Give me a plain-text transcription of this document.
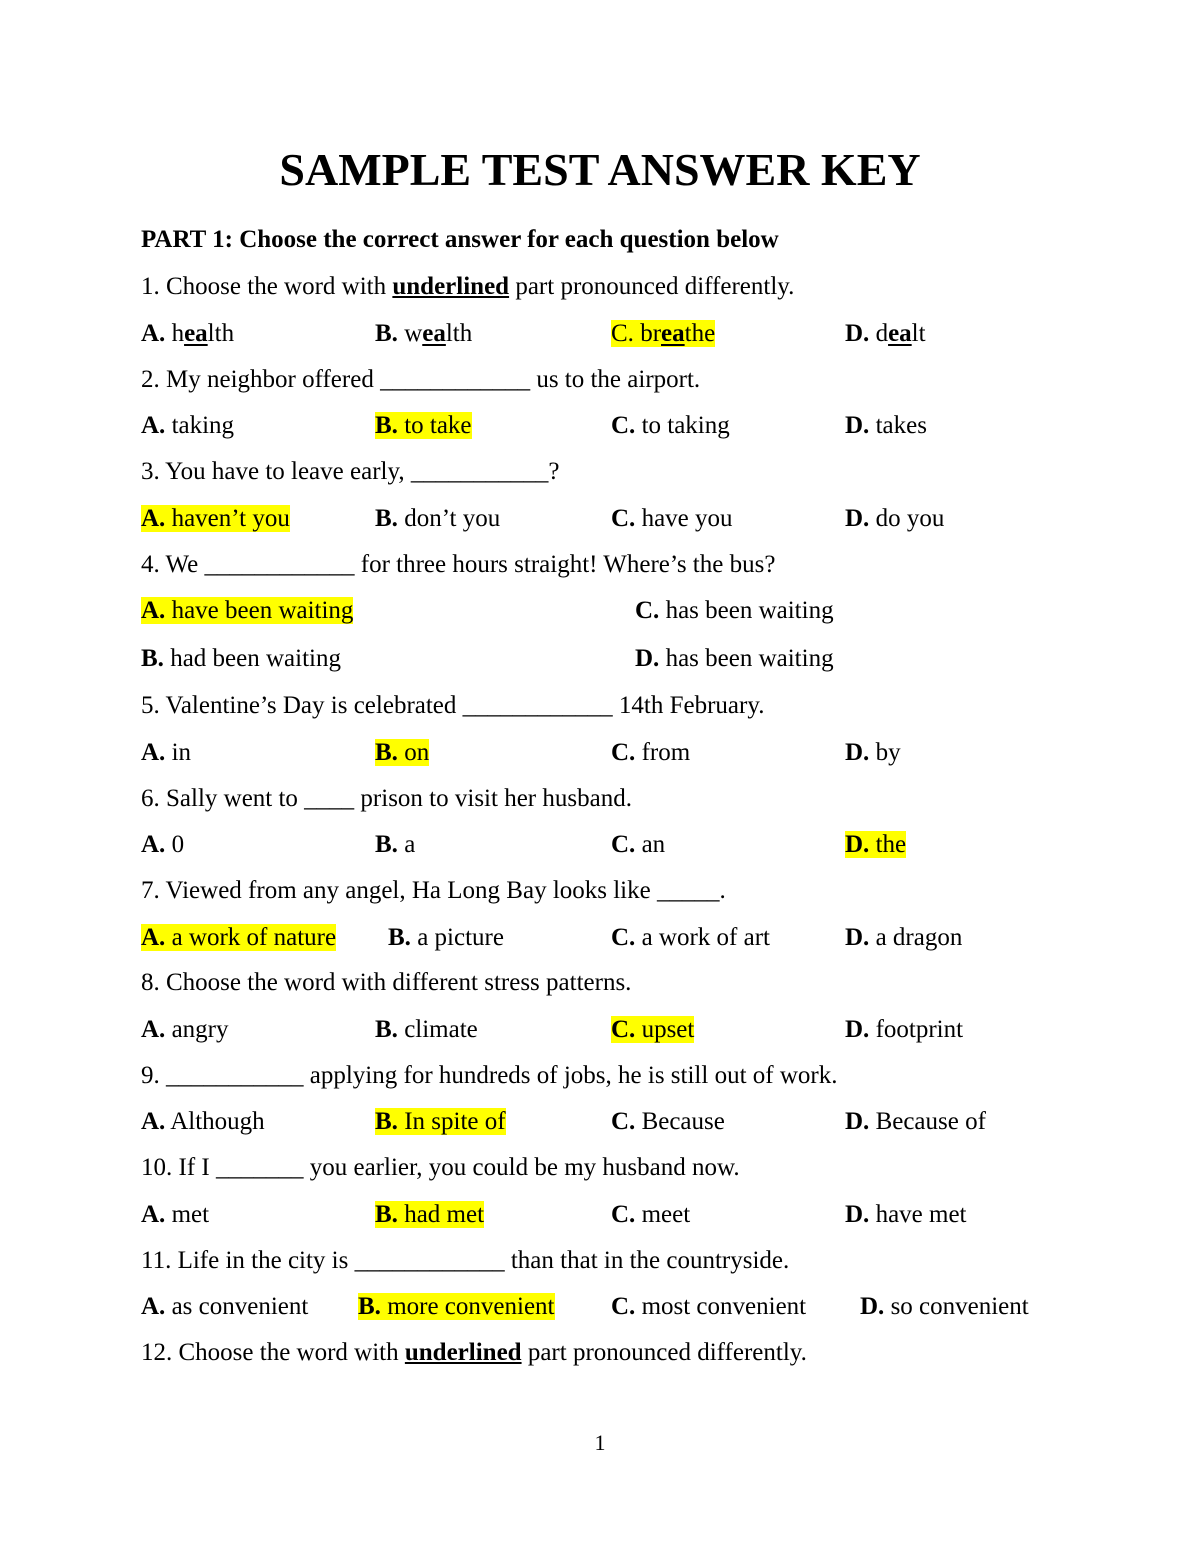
SAMPLE TEST ANSWER KEY
PART 1: Choose the correct answer for each question below
1. Choose the word with underlined part pronounced differently.
A. health	B. wealth	C. breathe	D. dealt
2. My neighbor offered ____________ us to the airport.
A. taking	B. to take	C. to taking	D. takes
3. You have to leave early, ___________?
A. haven’t you	B. don’t you	C. have you	D. do you
4. We ____________ for three hours straight! Where’s the bus?
A. have been waiting	C. has been waiting
B. had been waiting	D. has been waiting
5. Valentine’s Day is celebrated ____________ 14th February.
A. in	B. on	C. from	D. by
6. Sally went to ____ prison to visit her husband.
A. 0	B. a	C. an	D. the
7. Viewed from any angel, Ha Long Bay looks like _____.
A. a work of nature B. a picture	C. a work of art	D. a dragon
8. Choose the word with different stress patterns.
A. angry	B. climate	C. upset	D. footprint
9. ___________ applying for hundreds of jobs, he is still out of work.
A. Although	B. In spite of	C. Because	D. Because of
10. If I _______ you earlier, you could be my husband now.
A. met	B. had met	C. meet	D. have met
11. Life in the city is ____________ than that in the countryside.
A. as convenient B. more convenient C. most convenient D. so convenient
12. Choose the word with underlined part pronounced differently.
1
